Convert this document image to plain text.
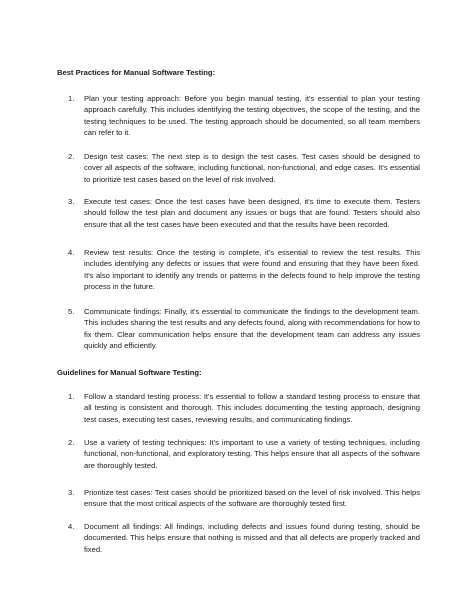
Best Practices for Manual Software Testing:
1. Plan your testing approach: Before you begin manual testing, it's essential to plan your testing approach carefully. This includes identifying the testing objectives, the scope of the testing, and the testing techniques to be used. The testing approach should be documented, so all team members can refer to it.
2. Design test cases: The next step is to design the test cases. Test cases should be designed to cover all aspects of the software, including functional, non-functional, and edge cases. It's essential to prioritize test cases based on the level of risk involved.
3. Execute test cases: Once the test cases have been designed, it's time to execute them. Testers should follow the test plan and document any issues or bugs that are found. Testers should also ensure that all the test cases have been executed and that the results have been recorded.
4. Review test results: Once the testing is complete, it's essential to review the test results. This includes identifying any defects or issues that were found and ensuring that they have been fixed. It's also important to identify any trends or patterns in the defects found to help improve the testing process in the future.
5. Communicate findings: Finally, it's essential to communicate the findings to the development team. This includes sharing the test results and any defects found, along with recommendations for how to fix them. Clear communication helps ensure that the development team can address any issues quickly and efficiently.
Guidelines for Manual Software Testing:
1. Follow a standard testing process: It's essential to follow a standard testing process to ensure that all testing is consistent and thorough. This includes documenting the testing approach, designing test cases, executing test cases, reviewing results, and communicating findings.
2. Use a variety of testing techniques: It's important to use a variety of testing techniques, including functional, non-functional, and exploratory testing. This helps ensure that all aspects of the software are thoroughly tested.
3. Prioritize test cases: Test cases should be prioritized based on the level of risk involved. This helps ensure that the most critical aspects of the software are thoroughly tested first.
4. Document all findings: All findings, including defects and issues found during testing, should be documented. This helps ensure that nothing is missed and that all defects are properly tracked and fixed.
